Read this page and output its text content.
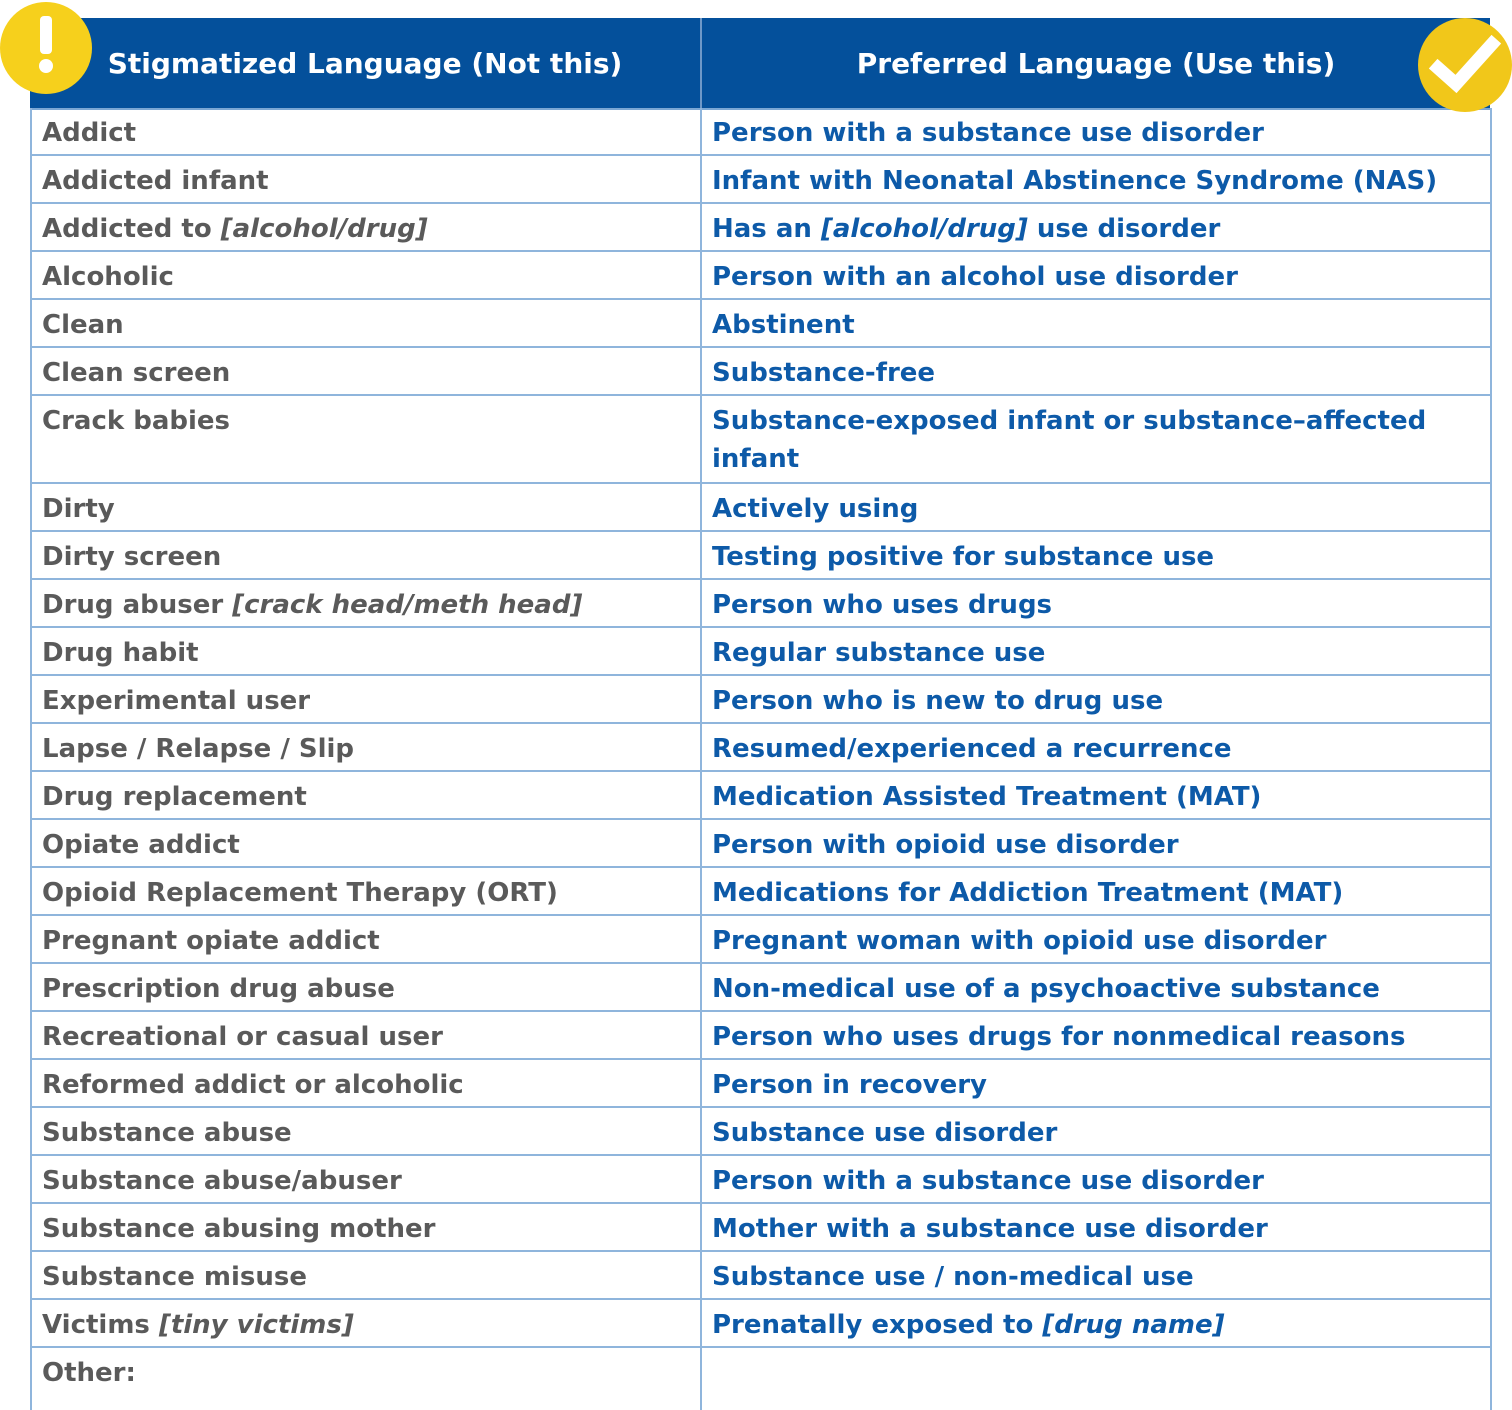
Stigmatized Language (Not this)	Preferred Language (Use this)
Addict	Person with a substance use disorder
Addicted infant	Infant with Neonatal Abstinence Syndrome (NAS)
Addicted to [alcohol/drug]	Has an [alcohol/drug] use disorder
Alcoholic	Person with an alcohol use disorder
Clean	Abstinent
Clean screen	Substance-free
Crack babies	Substance-exposed infant or substance–affected infant
Dirty	Actively using
Dirty screen	Testing positive for substance use
Drug abuser [crack head/meth head]	Person who uses drugs
Drug habit	Regular substance use
Experimental user	Person who is new to drug use
Lapse / Relapse / Slip	Resumed/experienced a recurrence
Drug replacement	Medication Assisted Treatment (MAT)
Opiate addict	Person with opioid use disorder
Opioid Replacement Therapy (ORT)	Medications for Addiction Treatment (MAT)
Pregnant opiate addict	Pregnant woman with opioid use disorder
Prescription drug abuse	Non-medical use of a psychoactive substance
Recreational or casual user	Person who uses drugs for nonmedical reasons
Reformed addict or alcoholic	Person in recovery
Substance abuse	Substance use disorder
Substance abuse/abuser	Person with a substance use disorder
Substance abusing mother	Mother with a substance use disorder
Substance misuse	Substance use / non-medical use
Victims [tiny victims]	Prenatally exposed to [drug name]
Other:
